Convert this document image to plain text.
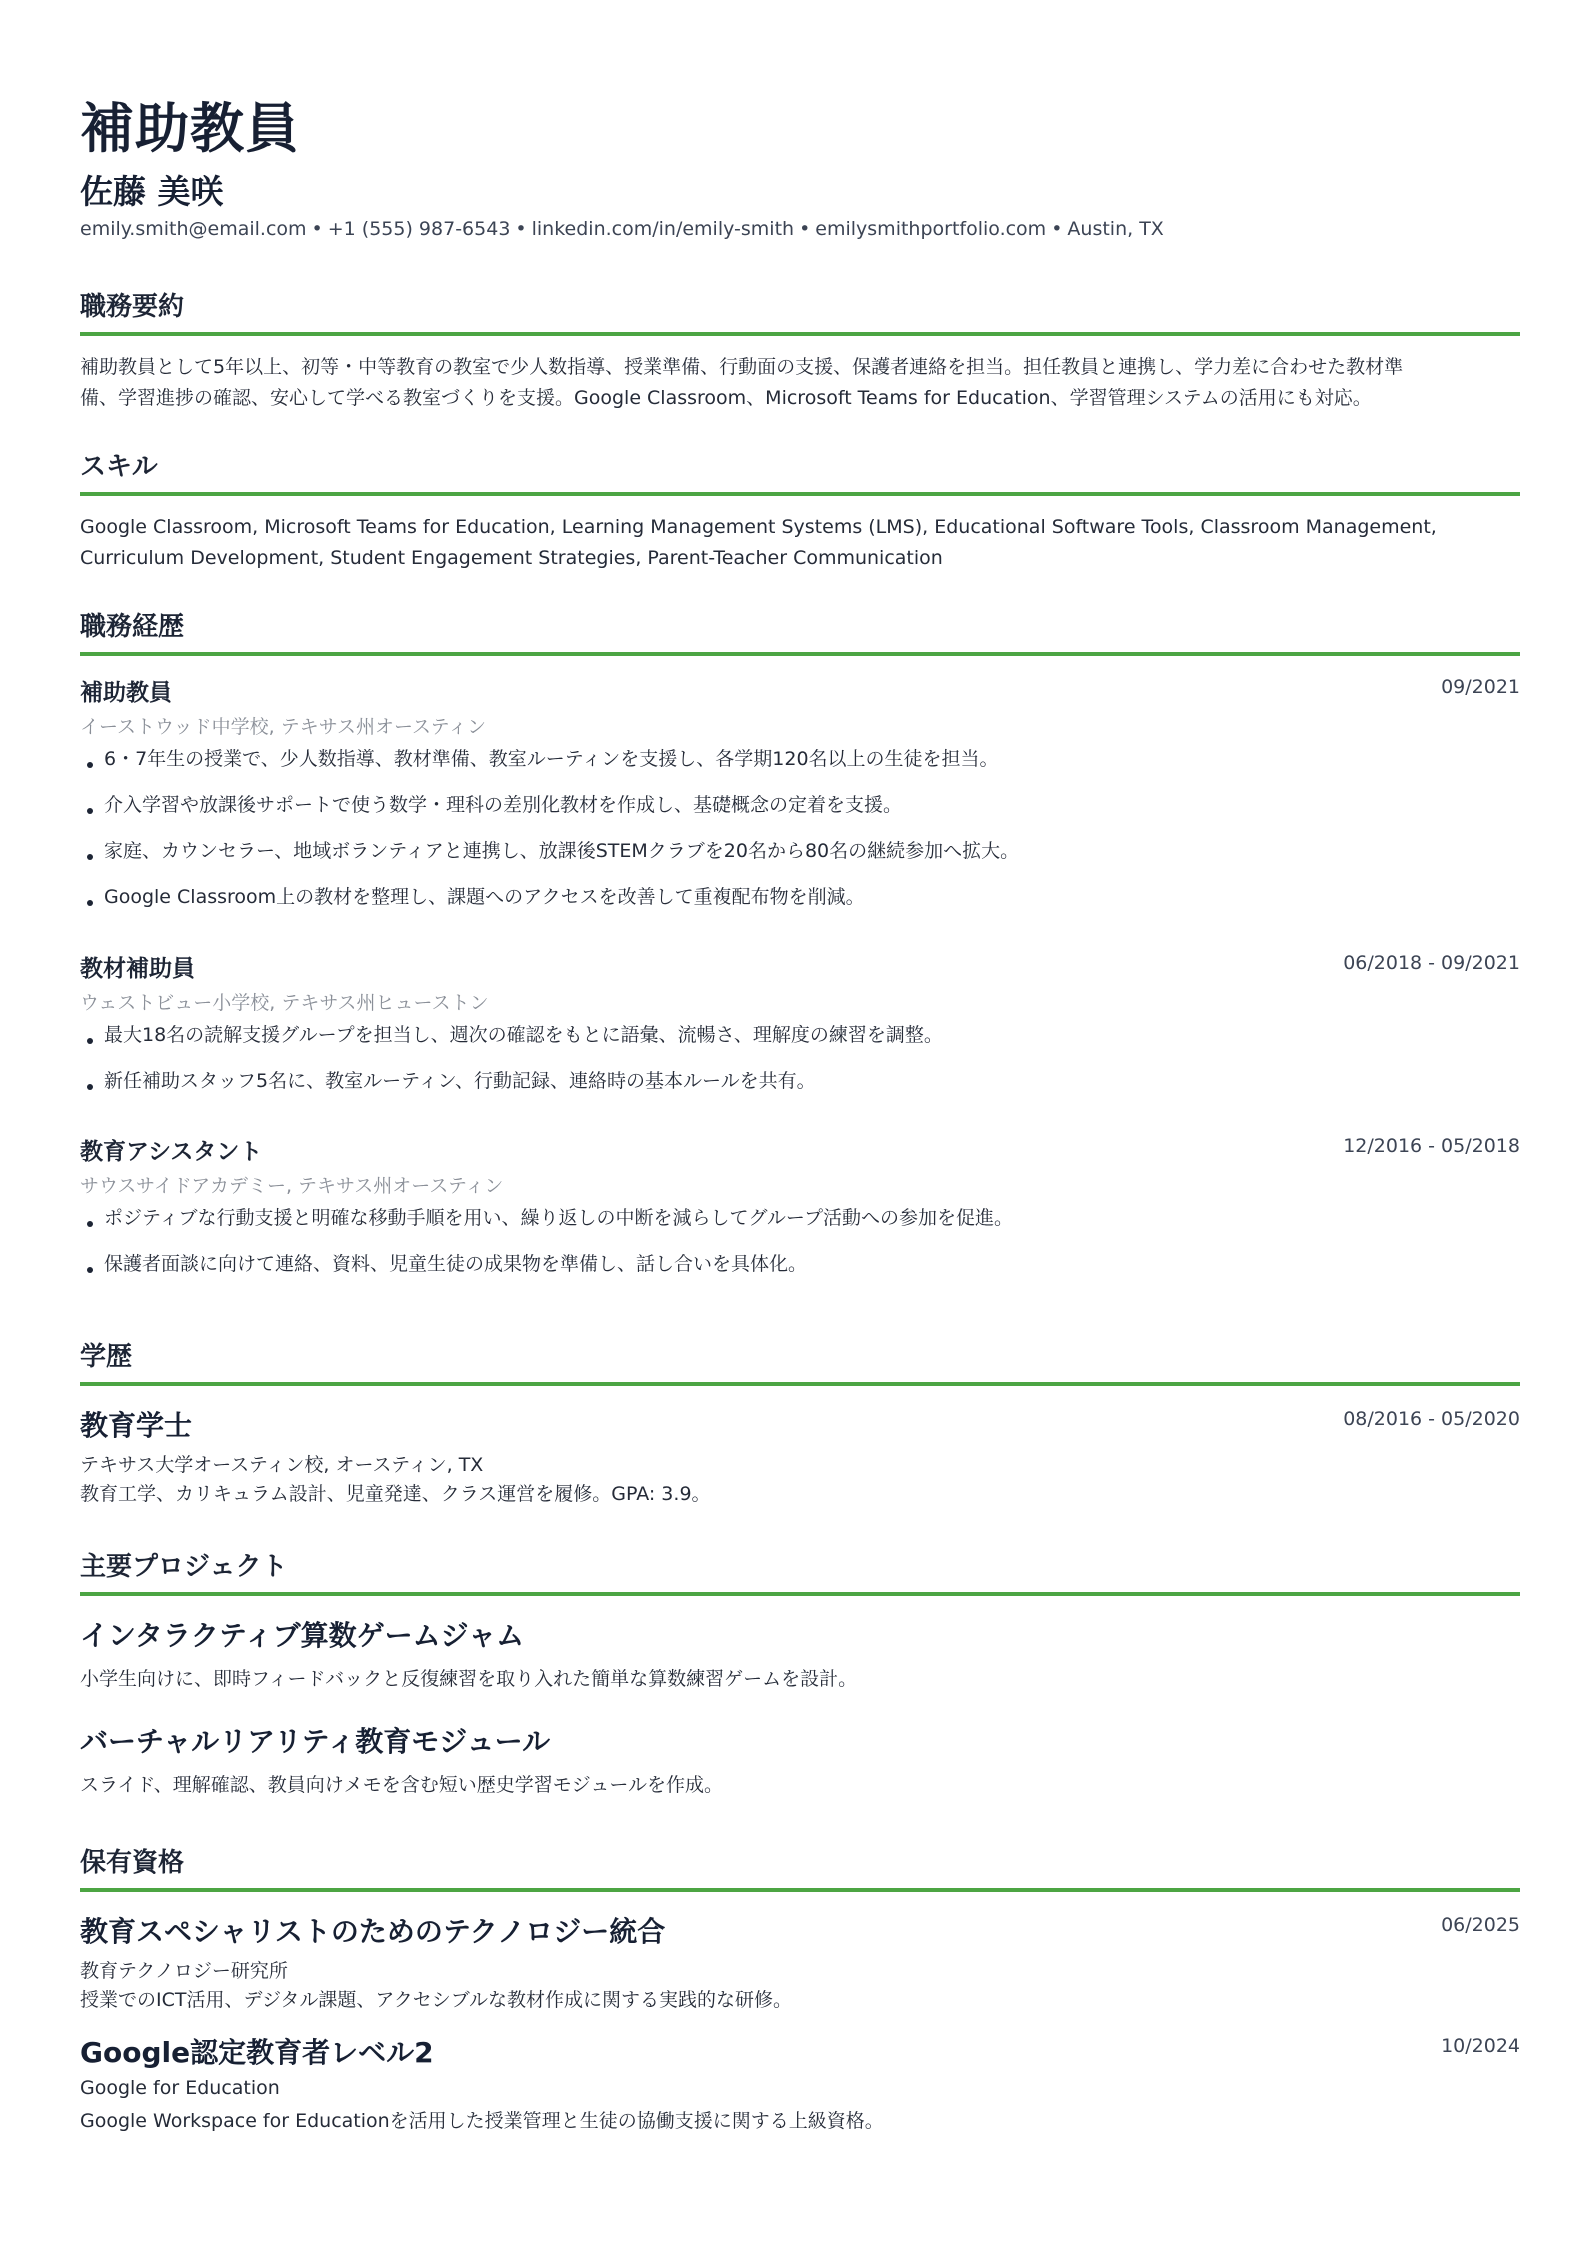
補助教員
佐藤 美咲
emily.smith@email.com • +1 (555) 987-6543 • linkedin.com/in/emily-smith • emilysmithportfolio.com • Austin, TX
職務要約
補助教員として5年以上、初等・中等教育の教室で少人数指導、授業準備、行動面の支援、保護者連絡を担当。担任教員と連携し、学力差に合わせた教材準
備、学習進捗の確認、安心して学べる教室づくりを支援。Google Classroom、Microsoft Teams for Education、学習管理システムの活用にも対応。
スキル
Google Classroom, Microsoft Teams for Education, Learning Management Systems (LMS), Educational Software Tools, Classroom Management,
Curriculum Development, Student Engagement Strategies, Parent-Teacher Communication
職務経歴
補助教員	09/2021
イーストウッド中学校, テキサス州オースティン
6・7年生の授業で、少人数指導、教材準備、教室ルーティンを支援し、各学期120名以上の生徒を担当。
介入学習や放課後サポートで使う数学・理科の差別化教材を作成し、基礎概念の定着を支援。
家庭、カウンセラー、地域ボランティアと連携し、放課後STEMクラブを20名から80名の継続参加へ拡大。
Google Classroom上の教材を整理し、課題へのアクセスを改善して重複配布物を削減。
教材補助員	06/2018 - 09/2021
ウェストビュー小学校, テキサス州ヒューストン
最大18名の読解支援グループを担当し、週次の確認をもとに語彙、流暢さ、理解度の練習を調整。
新任補助スタッフ5名に、教室ルーティン、行動記録、連絡時の基本ルールを共有。
教育アシスタント	12/2016 - 05/2018
サウスサイドアカデミー, テキサス州オースティン
ポジティブな行動支援と明確な移動手順を用い、繰り返しの中断を減らしてグループ活動への参加を促進。
保護者面談に向けて連絡、資料、児童生徒の成果物を準備し、話し合いを具体化。
学歴
教育学士	08/2016 - 05/2020
テキサス大学オースティン校, オースティン, TX
教育工学、カリキュラム設計、児童発達、クラス運営を履修。GPA: 3.9。
主要プロジェクト
インタラクティブ算数ゲームジャム
小学生向けに、即時フィードバックと反復練習を取り入れた簡単な算数練習ゲームを設計。
バーチャルリアリティ教育モジュール
スライド、理解確認、教員向けメモを含む短い歴史学習モジュールを作成。
保有資格
教育スペシャリストのためのテクノロジー統合	06/2025
教育テクノロジー研究所
授業でのICT活用、デジタル課題、アクセシブルな教材作成に関する実践的な研修。
Google認定教育者レベル2	10/2024
Google for Education
Google Workspace for Educationを活用した授業管理と生徒の協働支援に関する上級資格。
